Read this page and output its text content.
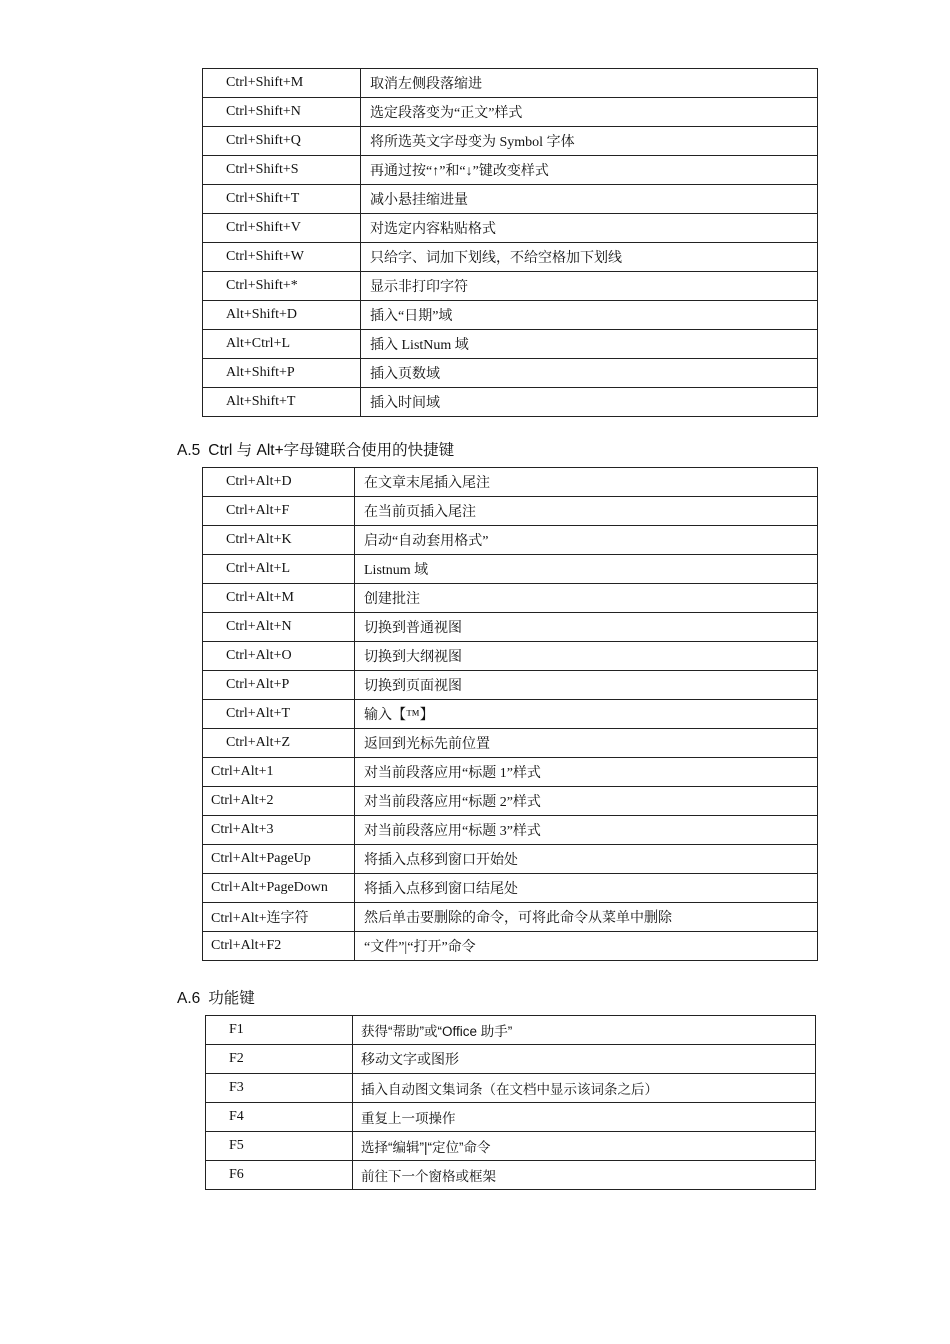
Ctrl+Shift+M	取消左侧段落缩进
Ctrl+Shift+N	选定段落变为“正文”样式
Ctrl+Shift+Q	将所选英文字母变为 Symbol 字体
Ctrl+Shift+S	再通过按“↑”和“↓”键改变样式
Ctrl+Shift+T	减小悬挂缩进量
Ctrl+Shift+V	对选定内容粘贴格式
Ctrl+Shift+W	只给字、词加下划线，不给空格加下划线
Ctrl+Shift+*	显示非打印字符
Alt+Shift+D	插入“日期”域
Alt+Ctrl+L	插入 ListNum 域
Alt+Shift+P	插入页数域
Alt+Shift+T	插入时间域
A.5 Ctrl 与 Alt+字母键联合使用的快捷键
Ctrl+Alt+D	在文章末尾插入尾注
Ctrl+Alt+F	在当前页插入尾注
Ctrl+Alt+K	启动“自动套用格式”
Ctrl+Alt+L	Listnum 域
Ctrl+Alt+M	创建批注
Ctrl+Alt+N	切换到普通视图
Ctrl+Alt+O	切换到大纲视图
Ctrl+Alt+P	切换到页面视图
Ctrl+Alt+T	输入【™】
Ctrl+Alt+Z	返回到光标先前位置
Ctrl+Alt+1	对当前段落应用“标题 1”样式
Ctrl+Alt+2	对当前段落应用“标题 2”样式
Ctrl+Alt+3	对当前段落应用“标题 3”样式
Ctrl+Alt+PageUp	将插入点移到窗口开始处
Ctrl+Alt+PageDown	将插入点移到窗口结尾处
Ctrl+Alt+连字符	然后单击要删除的命令，可将此命令从菜单中删除
Ctrl+Alt+F2	“文件”|“打开”命令
A.6 功能键
F1	获得“帮助”或“Office 助手”
F2	移动文字或图形
F3	插入自动图文集词条（在文档中显示该词条之后）
F4	重复上一项操作
F5	选择“编辑”|“定位”命令
F6	前往下一个窗格或框架
